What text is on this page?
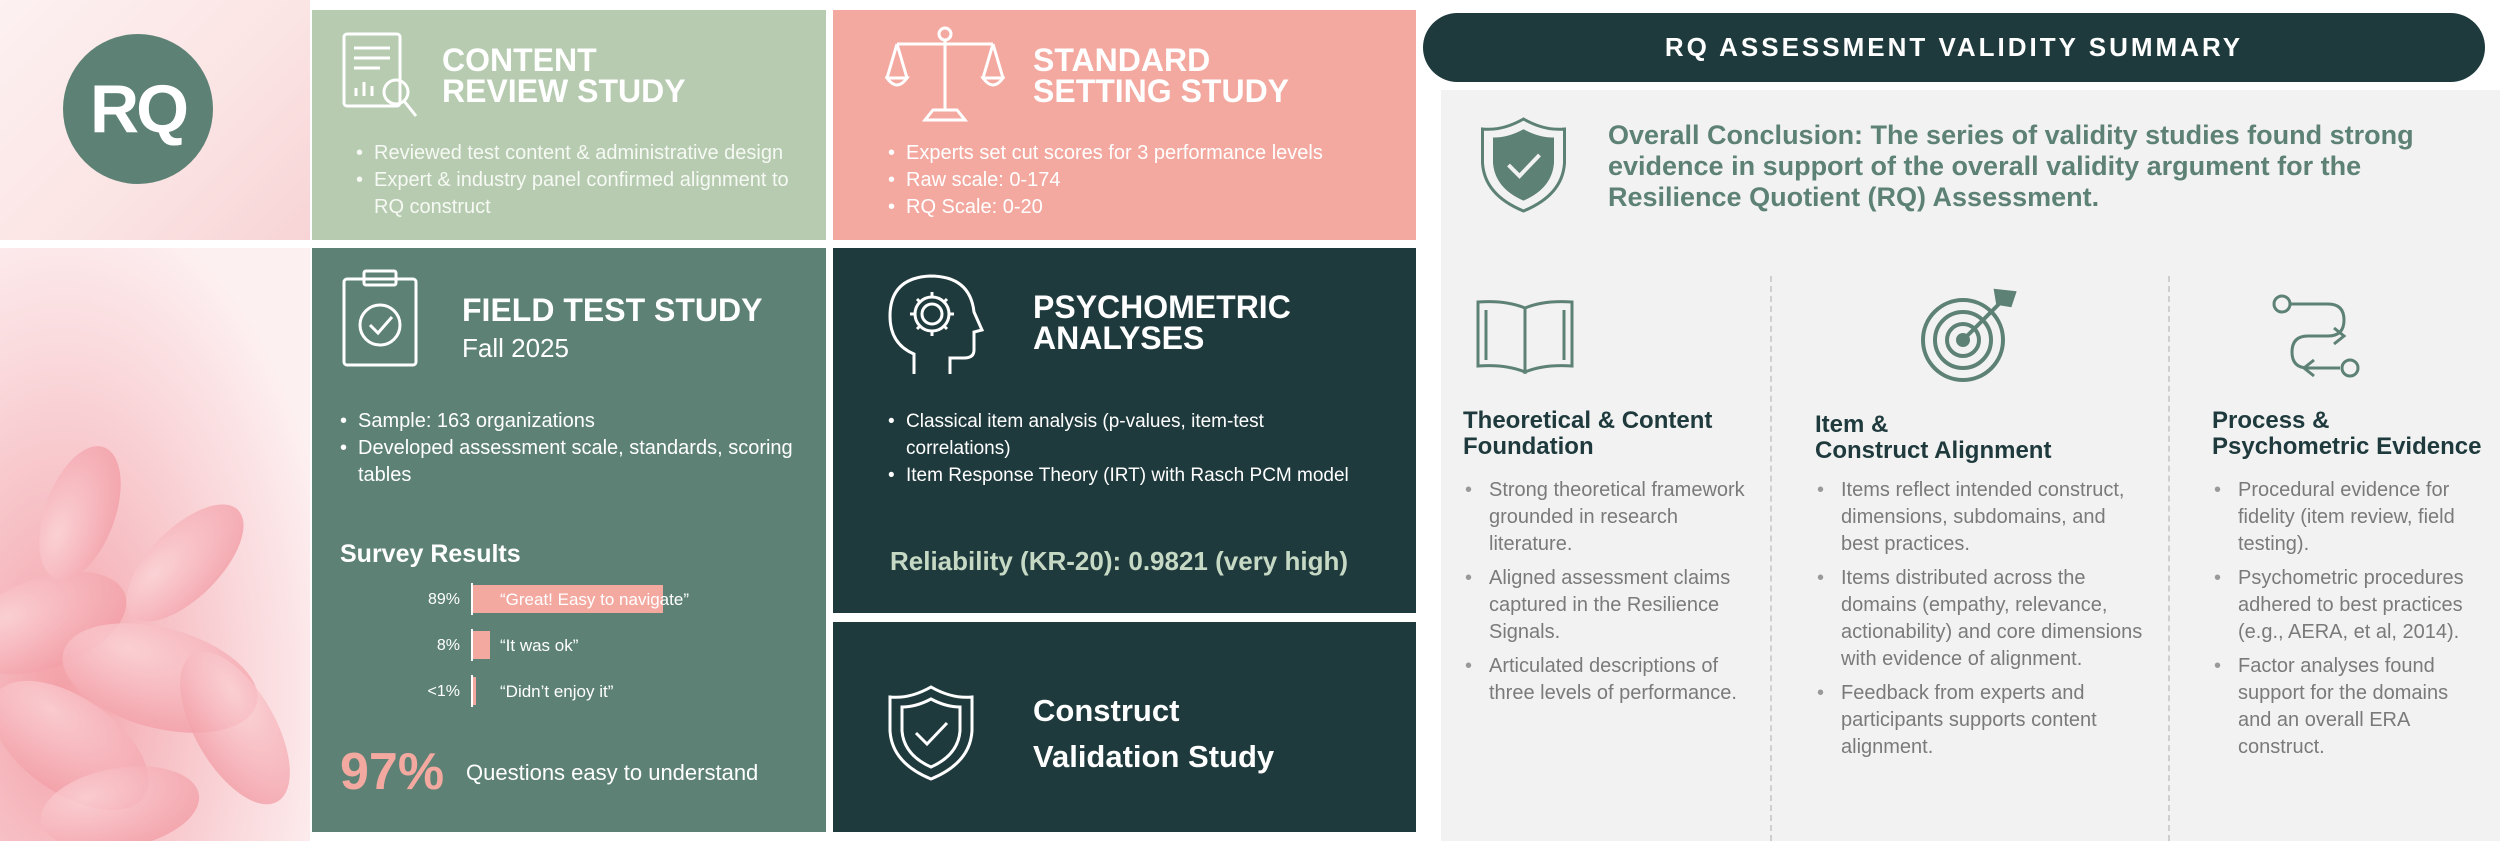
RQ
CONTENT
REVIEW STUDY
• Reviewed test content & administrative design
• Expert & industry panel confirmed alignment to RQ construct
STANDARD
SETTING STUDY
• Experts set cut scores for 3 performance levels
• Raw scale: 0-174
• RQ Scale: 0-20
FIELD TEST STUDY
Fall 2025
• Sample: 163 organizations
• Developed assessment scale, standards, scoring tables
Survey Results
89% “Great! Easy to navigate”
8% “It was ok”
<1% “Didn’t enjoy it”
97% Questions easy to understand
PSYCHOMETRIC
ANALYSES
• Classical item analysis (p-values, item-test correlations)
• Item Response Theory (IRT) with Rasch PCM model
Reliability (KR-20): 0.9821 (very high)
Construct
Validation Study
RQ ASSESSMENT VALIDITY SUMMARY
Overall Conclusion: The series of validity studies found strong evidence in support of the overall validity argument for the Resilience Quotient (RQ) Assessment.
Theoretical & Content
Foundation
• Strong theoretical framework grounded in research literature.
• Aligned assessment claims captured in the Resilience Signals.
• Articulated descriptions of three levels of performance.
Item &
Construct Alignment
• Items reflect intended construct, dimensions, subdomains, and best practices.
• Items distributed across the domains (empathy, relevance, actionability) and core dimensions with evidence of alignment.
• Feedback from experts and participants supports content alignment.
Process &
Psychometric Evidence
• Procedural evidence for fidelity (item review, field testing).
• Psychometric procedures adhered to best practices (e.g., AERA, et al, 2014).
• Factor analyses found support for the domains and an overall ERA construct.
